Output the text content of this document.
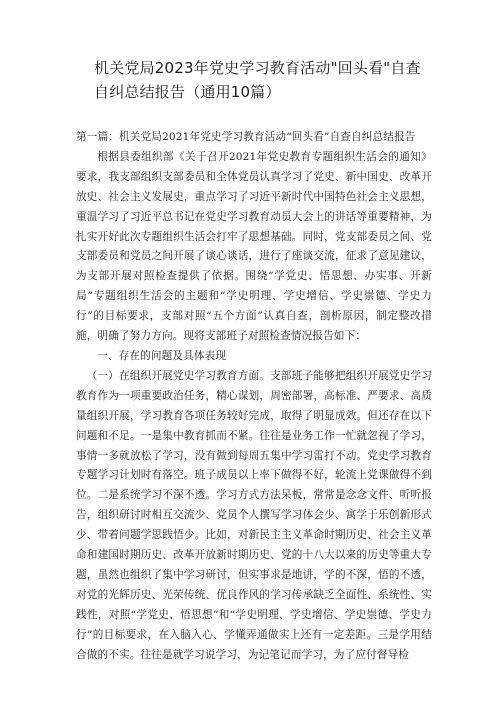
机关党局2023年党史学习教育活动"回头看"自查自纠总结报告（通用10篇）

第一篇：机关党局2021年党史学习教育活动“回头看”自查自纠总结报告

根据县委组织部《关于召开2021年党史教育专题组织生活会的通知》要求，我支部组织支部委员和全体党员认真学习了党史、新中国史、改革开放史、社会主义发展史，重点学习了习近平新时代中国特色社会主义思想，重温学习了习近平总书记在党史学习教育动员大会上的讲话等重要精神，为扎实开好此次专题组织生活会打牢了思想基础。同时，党支部委员之间、党支部委员和党员之间开展了谈心谈话，进行了座谈交流，征求了意见建议，为支部开展对照检查提供了依据。围绕“学党史、悟思想、办实事、开新局”专题组织生活会的主题和“学史明理、学史增信、学史崇德、学史力行”的目标要求，支部对照“五个方面”认真自查，剖析原因，制定整改措施，明确了努力方向。现将支部班子对照检查情况报告如下：

一、存在的问题及具体表现

（一）在组织开展党史学习教育方面。支部班子能够把组织开展党史学习教育作为一项重要政治任务，精心谋划，周密部署，高标准、严要求、高质量组织开展，学习教育各项任务较好完成，取得了明显成效。但还存在以下问题和不足。一是集中教育抓而不紧。往往是业务工作一忙就忽视了学习，事情一多就放松了学习，没有做到每周五集中学习雷打不动。党史学习教育专题学习计划时有落空。班子成员以上率下做得不好，轮流上党课做得不到位。二是系统学习不深不透。学习方式方法呆板，常常是念念文件、听听报告，组织研讨时相互交流少、党员个人撰写学习体会少、寓学于乐创新形式少、带着问题学思践悟少。比如，对新民主主义革命时期历史、社会主义革命和建国时期历史、改革开放新时期历史、党的十八大以来的历史等重大专题，虽然也组织了集中学习研讨，但实事求是地讲，学的不深，悟的不透，对党的光辉历史、光荣传统、优良作风的学习传承缺乏全面性、系统性、实践性，对照“学党史、悟思想”和“学史明理、学史增信、学史崇德、学史力行”的目标要求，在入脑入心、学懂弄通做实上还有一定差距。三是学用结合做的不实。往往是就学习说学习，为记笔记而学习，为了应付督导检
